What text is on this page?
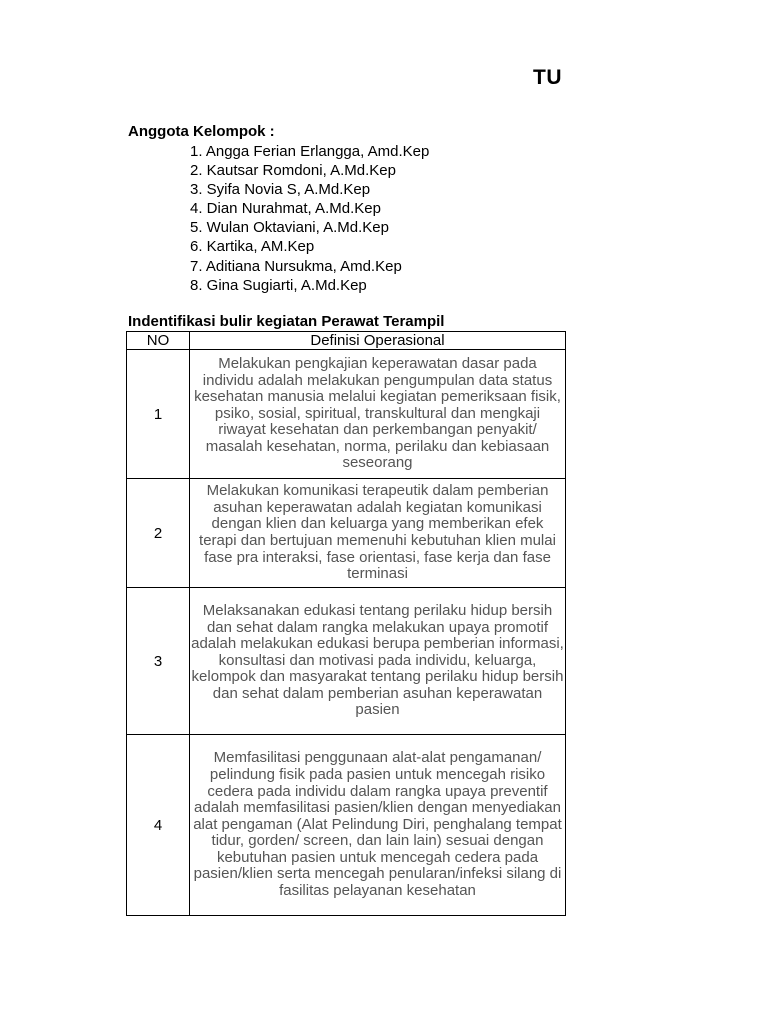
TU
Anggota Kelompok :
1. Angga Ferian Erlangga, Amd.Kep
2. Kautsar Romdoni, A.Md.Kep
3. Syifa Novia S, A.Md.Kep
4. Dian Nurahmat, A.Md.Kep
5. Wulan Oktaviani, A.Md.Kep
6. Kartika, AM.Kep
7. Aditiana Nursukma, Amd.Kep
8. Gina Sugiarti, A.Md.Kep
Indentifikasi bulir kegiatan Perawat Terampil
NO	Definisi Operasional
1	Melakukan pengkajian keperawatan dasar pada individu adalah melakukan pengumpulan data status kesehatan manusia melalui kegiatan pemeriksaan fisik, psiko, sosial, spiritual, transkultural dan mengkaji riwayat kesehatan dan perkembangan penyakit/ masalah kesehatan, norma, perilaku dan kebiasaan seseorang
2	Melakukan komunikasi terapeutik dalam pemberian asuhan keperawatan adalah kegiatan komunikasi dengan klien dan keluarga yang memberikan efek terapi dan bertujuan memenuhi kebutuhan klien mulai fase pra interaksi, fase orientasi, fase kerja dan fase terminasi
3	Melaksanakan edukasi tentang perilaku hidup bersih dan sehat dalam rangka melakukan upaya promotif adalah melakukan edukasi berupa pemberian informasi, konsultasi dan motivasi pada individu, keluarga, kelompok dan masyarakat tentang perilaku hidup bersih dan sehat dalam pemberian asuhan keperawatan pasien
4	Memfasilitasi penggunaan alat-alat pengamanan/ pelindung fisik pada pasien untuk mencegah risiko cedera pada individu dalam rangka upaya preventif adalah memfasilitasi pasien/klien dengan menyediakan alat pengaman (Alat Pelindung Diri, penghalang tempat tidur, gorden/ screen, dan lain lain) sesuai dengan kebutuhan pasien untuk mencegah cedera pada pasien/klien serta mencegah penularan/infeksi silang di fasilitas pelayanan kesehatan
